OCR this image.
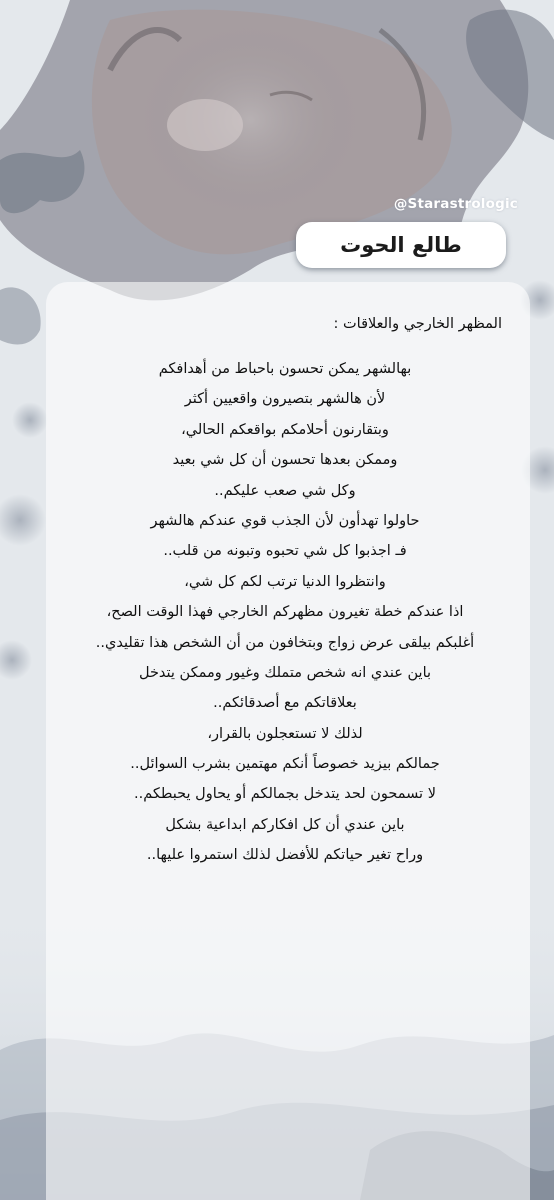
@Starastrologic
طالع الحوت
المظهر الخارجي والعلاقات :
بهالشهر يمكن تحسون باحباط من أهدافكم
لأن هالشهر بتصيرون واقعيين أكثر
وبتقارنون أحلامكم بواقعكم الحالي،
وممكن بعدها تحسون أن كل شي بعيد
وكل شي صعب عليكم..
حاولوا تهدأون لأن الجذب قوي عندكم هالشهر
فـ اجذبوا كل شي تحبوه وتبونه من قلب..
وانتظروا الدنيا ترتب لكم كل شي،
اذا عندكم خطة تغيرون مظهركم الخارجي فهذا الوقت الصح،
أغلبكم بيلقى عرض زواج وبتخافون من أن الشخص هذا تقليدي..
باين عندي انه شخص متملك وغيور وممكن يتدخل
بعلاقاتكم مع أصدقائكم..
لذلك لا تستعجلون بالقرار،
جمالكم بيزيد خصوصاً أنكم مهتمين بشرب السوائل..
لا تسمحون لحد يتدخل بجمالكم أو يحاول يحبطكم..
باين عندي أن كل افكاركم ابداعية بشكل
وراح تغير حياتكم للأفضل لذلك استمروا عليها..
